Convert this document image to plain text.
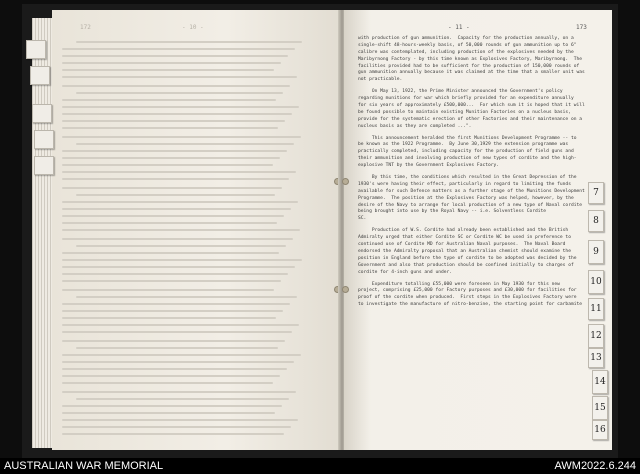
172	- 10 -	- 11 -	173
with production of gun ammunition.  Capacity for the production annually, on a
single-shift 48-hours-weekly basis, of 50,000 rounds of gun ammunition up to 6"
calibre was contemplated, including production of the explosives needed by the
Maribyrnong Factory - by this time known as Explosives Factory, Maribyrnong.  The
facilities provided had to be sufficient for the production of 150,000 rounds of
gun ammunition annually because it was claimed at the time that a smaller unit was
not practicable.
On May 13, 1922, the Prime Minister announced the Government's policy
regarding munitions for war which briefly provided for an expenditure annually
for six years of approximately £500,000...  For which sum it is hoped that it will
be found possible to maintain existing Munition Factories on a nucleus basis,
provide for the systematic erection of other Factories and their maintenance on a
nucleus basis as they are completed ...".
This announcement heralded the first Munitions Development Programme -- to
be known as the 1922 Programme.  By June 30,1929 the extension programme was
practically completed, including capacity for the production of field guns and
their ammunition and involving production of new types of cordite and the high-
explosive TNT by the Government Explosives Factory.
By this time, the conditions which resulted in the Great Depression of the
1930's were having their effect, particularly in regard to limiting the funds
available for such Defence matters as a further stage of the Munitions Development
Programme.  The position at the Explosives Factory was helped, however, by the
desire of the Navy to arrange for local production of a new type of Naval cordite
being brought into use by the Royal Navy -- i.e. Solventless Cordite
SC.
Production of W.S. Cordite had already been established and the British
Admiralty urged that either Cordite SC or Cordite WC be used in preference to
continued use of Cordite MD for Australian Naval purposes.  The Naval Board
endorsed the Admiralty proposal that an Australian chemist should examine the
position in England before the type of cordite to be adopted was decided by the
Government and also that production should be confined initially to charges of
cordite for 4-inch guns and under.
Expenditure totalling £55,000 were foreseen in May 1930 for this new
project, comprising £25,000 for Factory purposes and £30,000 for facilities for
proof of the cordite when produced.  First steps in the Explosives Factory were
to investigate the manufacture of nitro-benzine, the starting point for carbamite
7
8
9
10
11
12
13
14
15
16
AUSTRALIAN WAR MEMORIAL	AWM2022.6.244
